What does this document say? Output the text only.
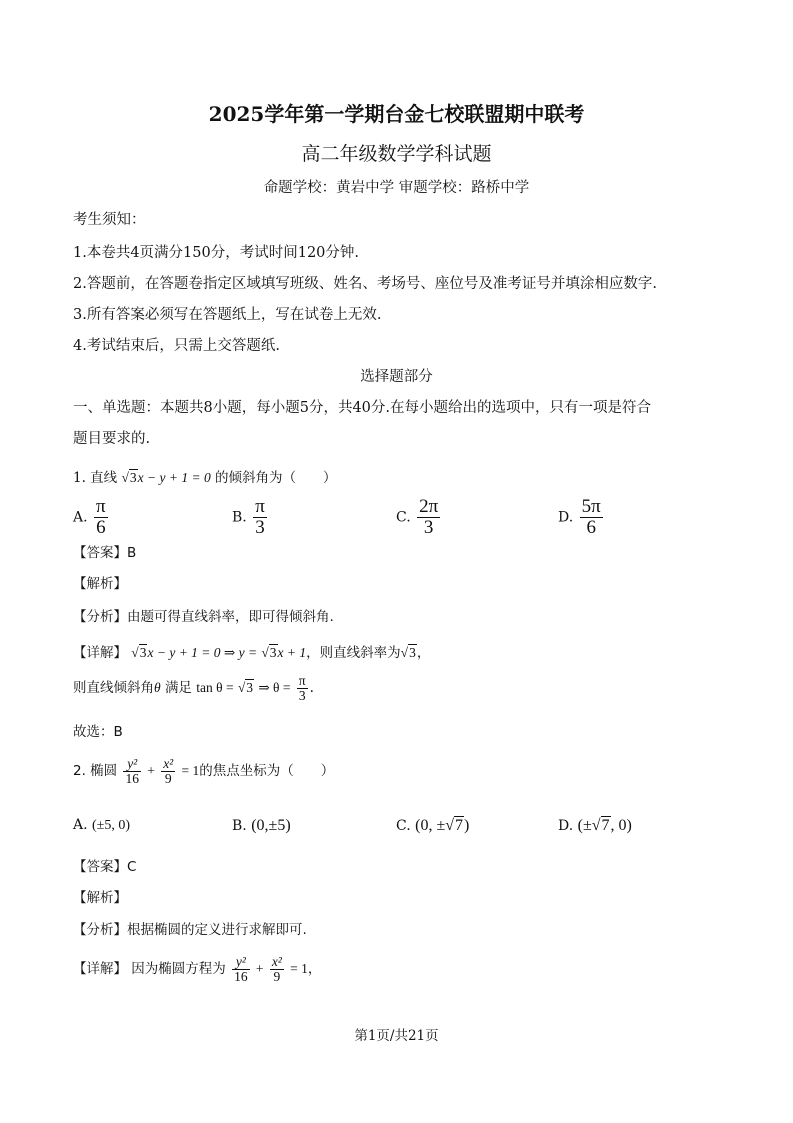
2025学年第一学期台金七校联盟期中联考
高二年级数学学科试题
命题学校：黄岩中学 审题学校：路桥中学
考生须知：
1.本卷共4页满分150分，考试时间120分钟.
2.答题前，在答题卷指定区域填写班级、姓名、考场号、座位号及准考证号并填涂相应数字.
3.所有答案必须写在答题纸上，写在试卷上无效.
4.考试结束后，只需上交答题纸.
选择题部分
一、单选题：本题共8小题，每小题5分，共40分.在每小题给出的选项中，只有一项是符合
题目要求的.
1. 直线 √3x − y + 1 = 0 的倾斜角为（　　）
A. $\frac{\pi}{6}$	B. $\frac{\pi}{3}$	C. $\frac{2\pi}{3}$	D. $\frac{5\pi}{6}$
【答案】B
【解析】
【分析】由题可得直线斜率，即可得倾斜角.
【详解】 √3x − y + 1 = 0 ⇒ y = √3x + 1，则直线斜率为√3，
则直线倾斜角θ 满足 tan θ = √3 ⇒ $\theta = \frac{\pi}{3}$ .
故选：B
2. 椭圆 $\frac{\text{y²}}{16} + \frac{\text{x²}}{9} = 1$的焦点坐标为（　　）
A. (±5, 0)	B. (0,±5)	C. (0, ±√7)	D. (±√7, 0)
【答案】C
【解析】
【分析】根据椭圆的定义进行求解即可.
【详解】 因为椭圆方程为 $\frac{\text{y²}}{16} + \frac{\text{x²}}{9} = 1$，
第1页/共21页
